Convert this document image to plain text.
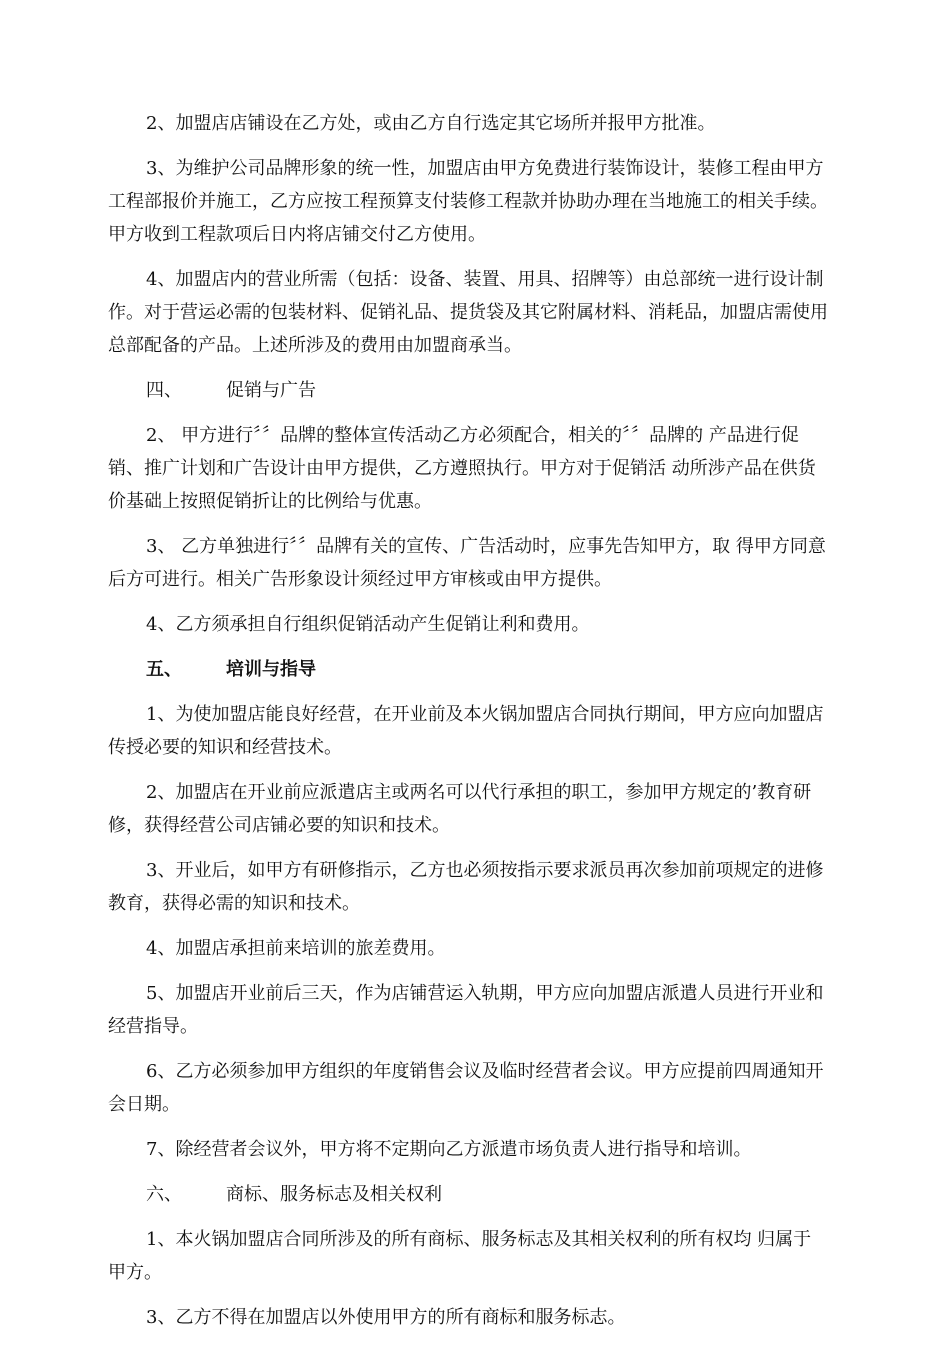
2、加盟店店铺设在乙方处，或由乙方自行选定其它场所并报甲方批准。

3、为维护公司品牌形象的统一性，加盟店由甲方免费进行装饰设计，装修工程由甲方工程部报价并施工，乙方应按工程预算支付装修工程款并协助办理在当地施工的相关手续。甲方收到工程款项后日内将店铺交付乙方使用。

4、加盟店内的营业所需（包括：设备、装置、用具、招牌等）由总部统一进行设计制作。对于营运必需的包装材料、促销礼品、提货袋及其它附属材料、消耗品，加盟店需使用总部配备的产品。上述所涉及的费用由加盟商承当。

四、	促销与广告

2、 甲方进行〞〞品牌的整体宣传活动乙方必须配合，相关的〞〞品牌的 产品进行促销、推广计划和广告设计由甲方提供，乙方遵照执行。甲方对于促销活 动所涉产品在供货价基础上按照促销折让的比例给与优惠。

3、 乙方单独进行〞〞品牌有关的宣传、广告活动时，应事先告知甲方，取 得甲方同意后方可进行。相关广告形象设计须经过甲方审核或由甲方提供。

4、乙方须承担自行组织促销活动产生促销让利和费用。

五、	培训与指导

1、为使加盟店能良好经营，在开业前及本火锅加盟店合同执行期间，甲方应向加盟店传授必要的知识和经营技术。

2、加盟店在开业前应派遣店主或两名可以代行承担的职工，参加甲方规定的’教育研修，获得经营公司店铺必要的知识和技术。

3、开业后，如甲方有研修指示，乙方也必须按指示要求派员再次参加前项规定的进修教育，获得必需的知识和技术。

4、加盟店承担前来培训的旅差费用。

5、加盟店开业前后三天，作为店铺营运入轨期，甲方应向加盟店派遣人员进行开业和经营指导。

6、乙方必须参加甲方组织的年度销售会议及临时经营者会议。甲方应提前四周通知开会日期。

7、除经营者会议外，甲方将不定期向乙方派遣市场负责人进行指导和培训。

六、	商标、服务标志及相关权利

1、本火锅加盟店合同所涉及的所有商标、服务标志及其相关权利的所有权均 归属于甲方。

3、乙方不得在加盟店以外使用甲方的所有商标和服务标志。
